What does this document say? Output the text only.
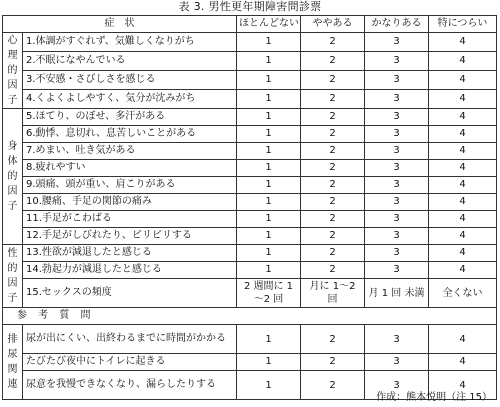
表 3. 男性更年期障害問診票
症　状		ほとんどない	ややある	かなりある	特につらい

心
理
的
因
子	1.体調がすぐれず、気難しくなりがち	1	2	3	4
	2.不眠になやんでいる	1	2	3	4
	3.不安感・さびしさを感じる	1	2	3	4
	4.くよくよしやすく、気分が沈みがち	1	2	3	4

身
体
的
因
子	5.ほてり、のぼせ、多汗がある	1	2	3	4
	6.動悸、息切れ、息苦しいことがある	1	2	3	4
	7.めまい、吐き気がある	1	2	3	4
	8.疲れやすい	1	2	3	4
	9.頭痛、頭が重い、肩こりがある	1	2	3	4
	10.腰痛、手足の関節の痛み	1	2	3	4
	11.手足がこわばる	1	2	3	4
	12.手足がしびれたり、ピリピリする	1	2	3	4

性
的
因
子	13.性欲が減退したと感じる	1	2	3	4
	14.勃起力が減退したと感じる	1	2	3	4
	15.セックスの頻度	2 週間に 1～2 回	月に 1～2 回	月 1 回 未満	全くない
参 考 質 問					

排
尿
関
連	尿が出にくい、出終わるまでに時間がかかる	1	2	3	4
	たびたび夜中にトイレに起きる	1	2	3	4
	尿意を我慢できなくなり、漏らしたりする	1	2	3	4
作成：熊本悦明（注 15）
